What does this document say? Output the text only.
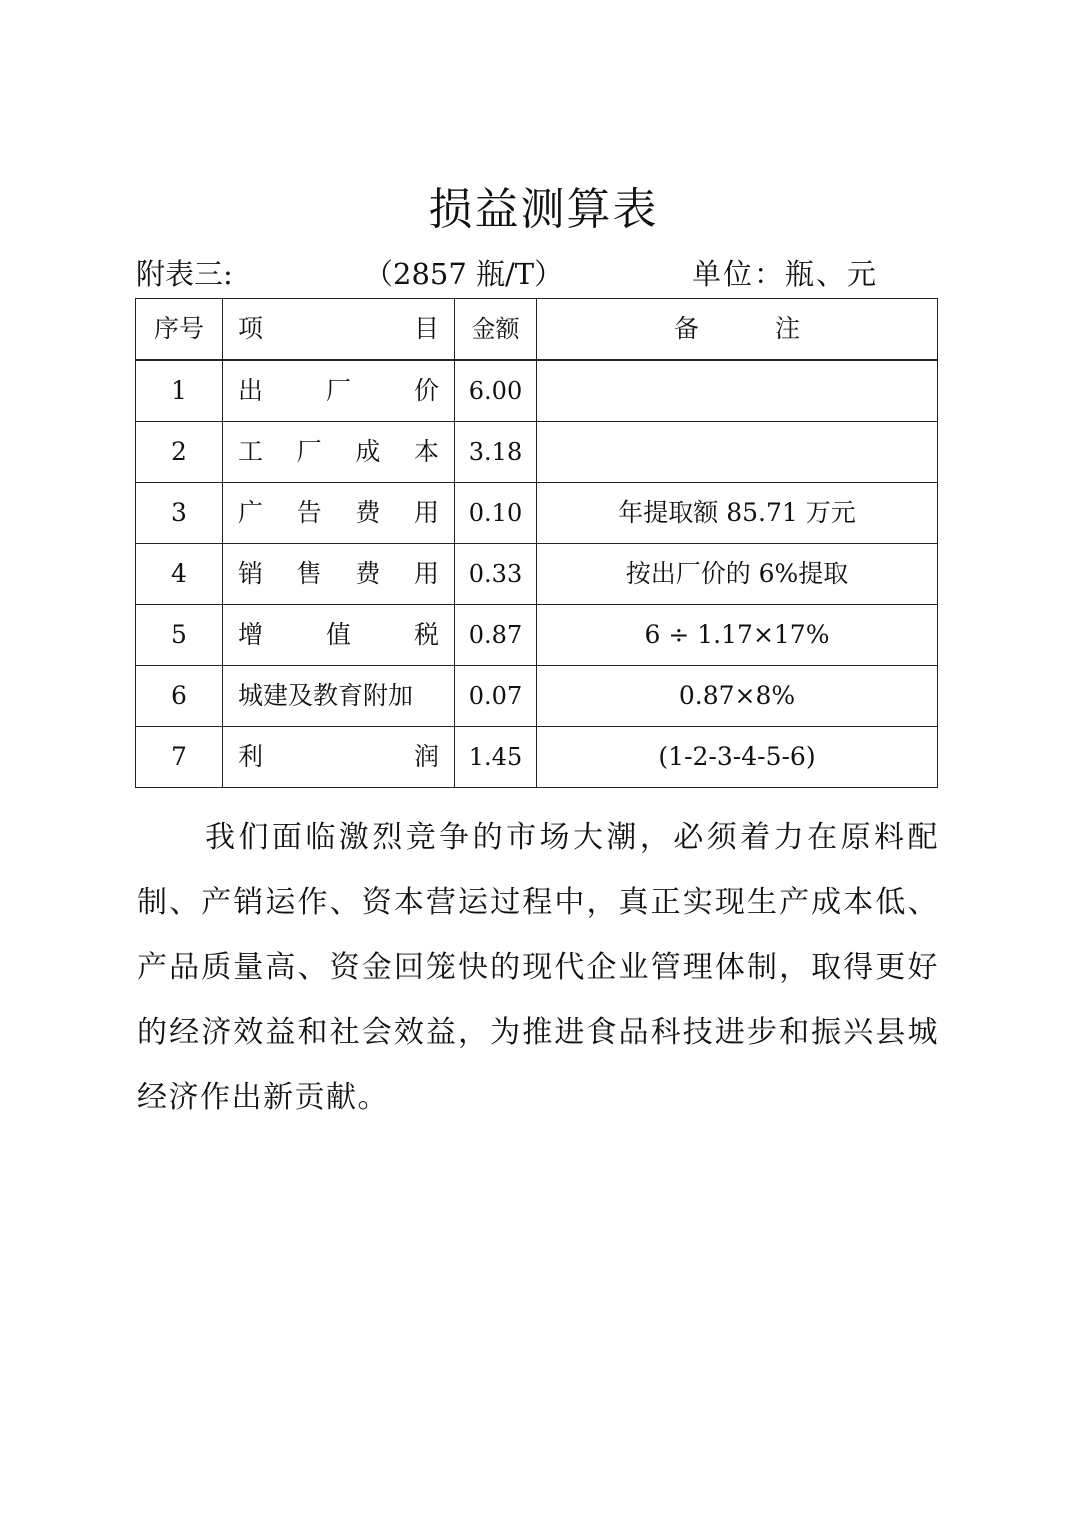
损益测算表
附表三:	（2857 瓶/T）	单位：瓶、元
序号	项 目	金额	备注
1	出 厂 价	6.00	
2	工 厂 成 本	3.18	
3	广 告 费 用	0.10	年提取额 85.71 万元
4	销 售 费 用	0.33	按出厂价的 6%提取
5	增 值 税	0.87	6 ÷ 1.17×17%
6	城建及教育附加	0.07	0.87×8%
7	利 润	1.45	(1-2-3-4-5-6)

我们面临激烈竞争的市场大潮，必须着力在原料配制、产销运作、资本营运过程中，真正实现生产成本低、产品质量高、资金回笼快的现代企业管理体制，取得更好的经济效益和社会效益，为推进食品科技进步和振兴县城经济作出新贡献。
